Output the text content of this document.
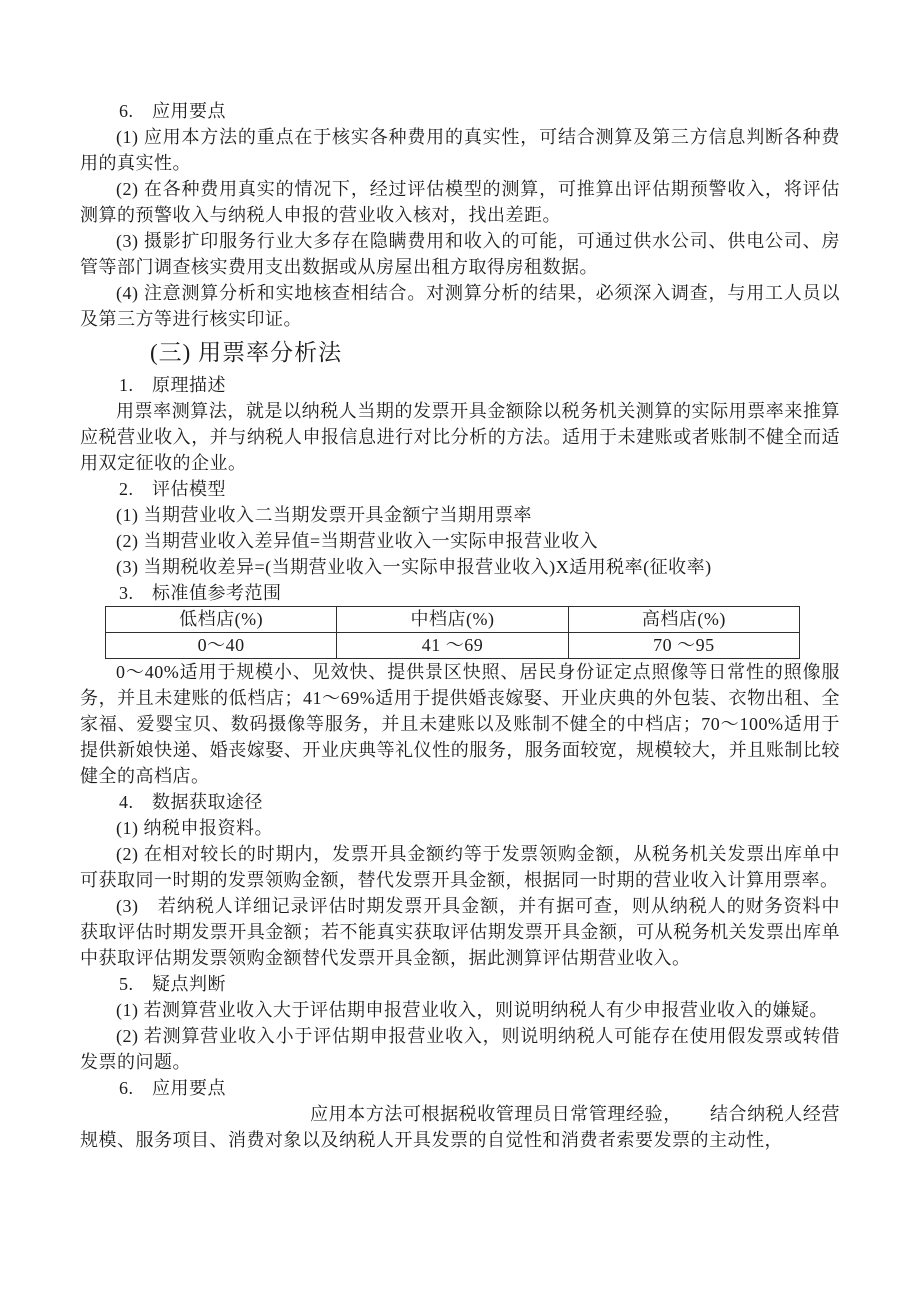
6.　应用要点

(1) 应用本方法的重点在于核实各种费用的真实性，可结合测算及第三方信息判断各种费用的真实性。

(2) 在各种费用真实的情况下，经过评估模型的测算，可推算出评估期预警收入，将评估测算的预警收入与纳税人申报的营业收入核对，找出差距。

(3) 摄影扩印服务行业大多存在隐瞒费用和收入的可能，可通过供水公司、供电公司、房管等部门调查核实费用支出数据或从房屋出租方取得房租数据。

(4) 注意测算分析和实地核查相结合。对测算分析的结果，必须深入调查，与用工人员以及第三方等进行核实印证。

(三) 用票率分析法

1.　原理描述

用票率测算法，就是以纳税人当期的发票开具金额除以税务机关测算的实际用票率来推算应税营业收入，并与纳税人申报信息进行对比分析的方法。适用于未建账或者账制不健全而适用双定征收的企业。

2.　评估模型

(1) 当期营业收入二当期发票开具金额宁当期用票率

(2) 当期营业收入差异值=当期营业收入一实际申报营业收入

(3) 当期税收差异=(当期营业收入一实际申报营业收入)X适用税率(征收率)

3.　标准值参考范围

低档店(%)	中档店(%)	高档店(%)
0～40	41 ～69	70 ～95

0～40%适用于规模小、见效快、提供景区快照、居民身份证定点照像等日常性的照像服务，并且未建账的低档店；41～69%适用于提供婚丧嫁娶、开业庆典的外包装、衣物出租、全家福、爱婴宝贝、数码摄像等服务，并且未建账以及账制不健全的中档店；70～100%适用于提供新娘快递、婚丧嫁娶、开业庆典等礼仪性的服务，服务面较宽，规模较大，并且账制比较健全的高档店。

4.　数据获取途径

(1) 纳税申报资料。

(2) 在相对较长的时期内，发票开具金额约等于发票领购金额，从税务机关发票出库单中可获取同一时期的发票领购金额，替代发票开具金额，根据同一时期的营业收入计算用票率。

(3)　若纳税人详细记录评估时期发票开具金额，并有据可查，则从纳税人的财务资料中获取评估时期发票开具金额；若不能真实获取评估期发票开具金额，可从税务机关发票出库单中获取评估期发票领购金额替代发票开具金额，据此测算评估期营业收入。

5.　疑点判断

(1) 若测算营业收入大于评估期申报营业收入，则说明纳税人有少申报营业收入的嫌疑。

(2) 若测算营业收入小于评估期申报营业收入，则说明纳税人可能存在使用假发票或转借发票的问题。

6.　应用要点

应用本方法可根据税收管理员日常管理经验，　　结合纳税人经营规模、服务项目、消费对象以及纳税人开具发票的自觉性和消费者索要发票的主动性，
